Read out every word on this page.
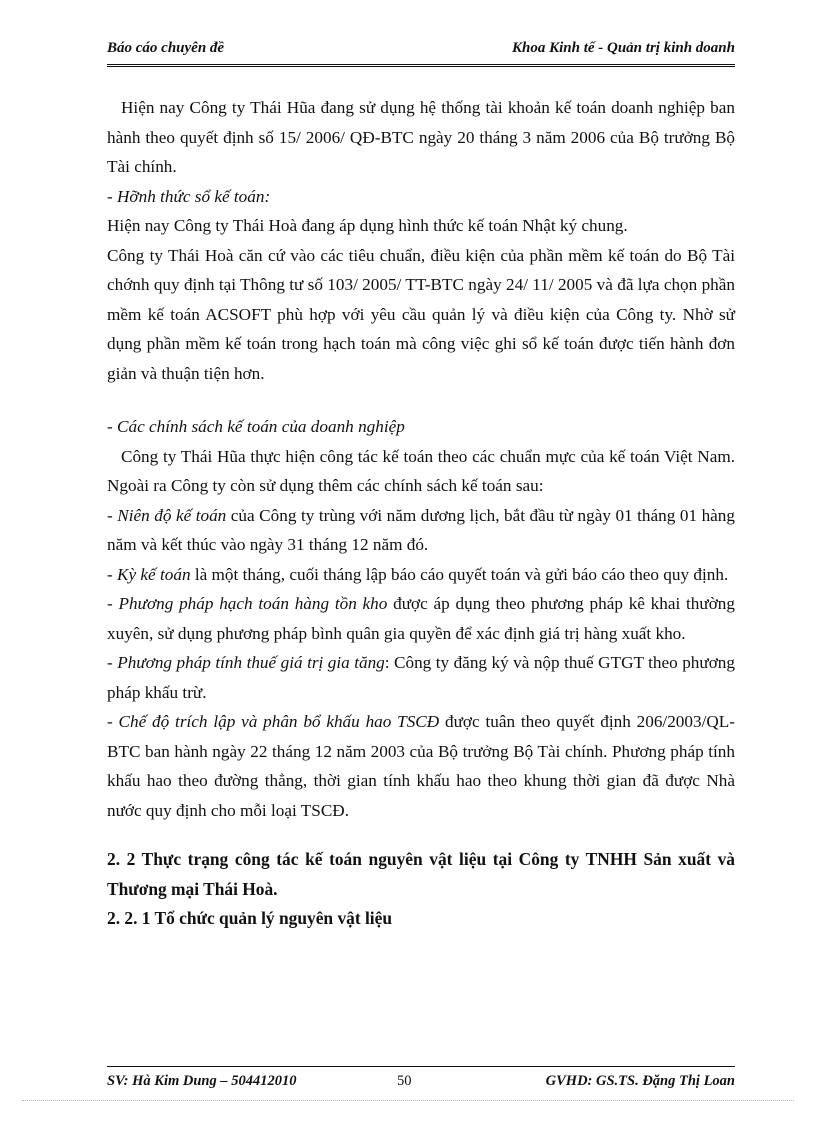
Báo cáo chuyên đề	Khoa Kinh tế - Quản trị kinh doanh

Hiện nay Công ty Thái Hũa đang sử dụng hệ thống tài khoản kế toán doanh nghiệp ban hành theo quyết định số 15/ 2006/ QĐ-BTC ngày 20 tháng 3 năm 2006 của Bộ trưởng Bộ Tài chính.

- Hỡnh thức sổ kế toán:

Hiện nay Công ty Thái Hoà đang áp dụng hình thức kế toán Nhật ký chung.

Công ty Thái Hoà căn cứ vào các tiêu chuẩn, điều kiện của phần mềm kế toán do Bộ Tài chớnh quy định tại Thông tư số 103/ 2005/ TT-BTC ngày 24/ 11/ 2005 và đã lựa chọn phần mềm kế toán ACSOFT phù hợp với yêu cầu quản lý và điều kiện của Công ty. Nhờ sử dụng phần mềm kế toán trong hạch toán mà công việc ghi sổ kế toán được tiến hành đơn giản và thuận tiện hơn.

- Các chính sách kế toán của doanh nghiệp

Công ty Thái Hũa thực hiện công tác kế toán theo các chuẩn mực của kế toán Việt Nam. Ngoài ra Công ty còn sử dụng thêm các chính sách kế toán sau:

- Niên độ kế toán của Công ty trùng với năm dương lịch, bắt đầu từ ngày 01 tháng 01 hàng năm và kết thúc vào ngày 31 tháng 12 năm đó.

- Kỳ kế toán là một tháng, cuối tháng lập báo cáo quyết toán và gửi báo cáo theo quy định.

- Phương pháp hạch toán hàng tồn kho được áp dụng theo phương pháp kê khai thường xuyên, sử dụng phương pháp bình quân gia quyền để xác định giá trị hàng xuất kho.

- Phương pháp tính thuế giá trị gia tăng: Công ty đăng ký và nộp thuế GTGT theo phương pháp khấu trừ.

- Chế độ trích lập và phân bổ khấu hao TSCĐ được tuân theo quyết định 206/2003/QL- BTC ban hành ngày 22 tháng 12 năm 2003 của Bộ trưởng Bộ Tài chính. Phương pháp tính khấu hao theo đường thẳng, thời gian tính khấu hao theo khung thời gian đã được Nhà nước quy định cho mỗi loại TSCĐ.

2. 2 Thực trạng công tác kế toán nguyên vật liệu tại Công ty TNHH Sản xuất và Thương mại Thái Hoà.
2. 2. 1 Tổ chức quản lý nguyên vật liệu
SV: Hà Kim Dung – 504412010	50	GVHD: GS.TS. Đặng Thị Loan
